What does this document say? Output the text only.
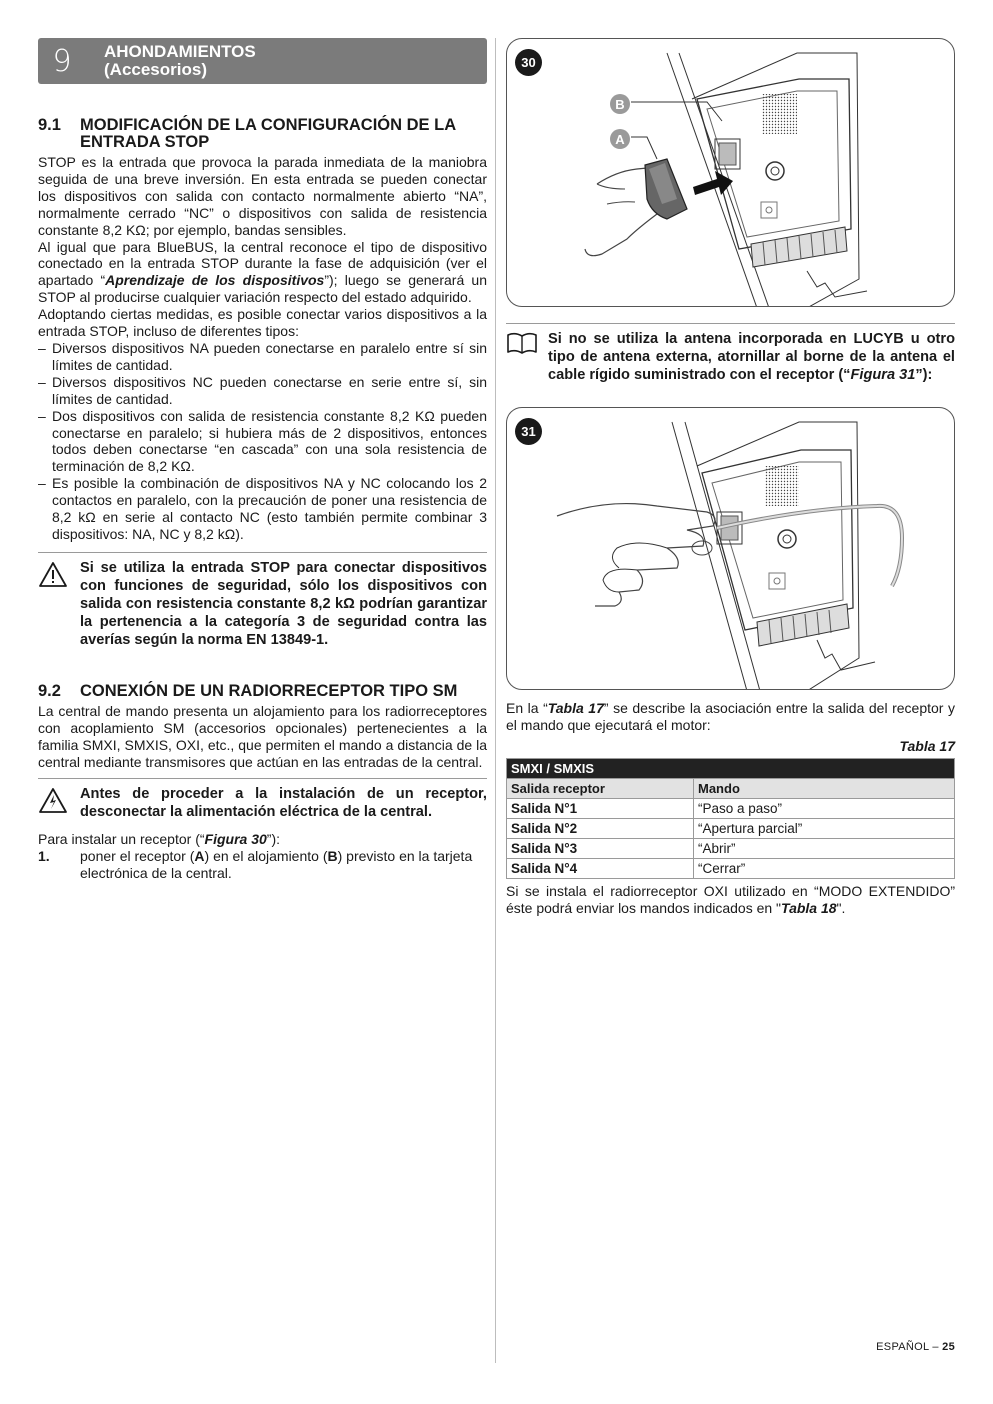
9	AHONDAMIENTOS
(Accesorios)
9.1	MODIFICACIÓN DE LA CONFIGURACIÓN DE LA ENTRADA STOP

STOP es la entrada que provoca la parada inmediata de la maniobra seguida de una breve inversión. En esta entrada se pueden conectar los dispositivos con salida con contacto normalmente abierto “NA”, normalmente cerrado “NC” o dispositivos con salida de resistencia constante 8,2 KΩ; por ejemplo, bandas sensibles.

Al igual que para BlueBUS, la central reconoce el tipo de dispositivo conectado en la entrada STOP durante la fase de adquisición (ver el apartado “Aprendizaje de los dispositivos”); luego se generará un STOP al producirse cualquier variación respecto del estado adquirido.

Adoptando ciertas medidas, es posible conectar varios dispositivos a la entrada STOP, incluso de diferentes tipos:

– Diversos dispositivos NA pueden conectarse en paralelo entre sí sin límites de cantidad.
– Diversos dispositivos NC pueden conectarse en serie entre sí, sin límites de cantidad.
– Dos dispositivos con salida de resistencia constante 8,2 KΩ pueden conectarse en paralelo; si hubiera más de 2 dispositivos, entonces todos deben conectarse “en cascada” con una sola resistencia de terminación de 8,2 KΩ.
– Es posible la combinación de dispositivos NA y NC colocando los 2 contactos en paralelo, con la precaución de poner una resistencia de 8,2 kΩ en serie al contacto NC (esto también permite combinar 3 dispositivos: NA, NC y 8,2 kΩ).
Si se utiliza la entrada STOP para conectar dispositivos con funciones de seguridad, sólo los dispositivos con salida con resistencia constante 8,2 kΩ podrían garantizar la pertenencia a la categoría 3 de seguridad contra las averías según la norma EN 13849-1.
9.2	CONEXIÓN DE UN RADIORRECEPTOR TIPO SM

La central de mando presenta un alojamiento para los radiorreceptores con acoplamiento SM (accesorios opcionales) pertenecientes a la familia SMXI, SMXIS, OXI, etc., que permiten el mando a distancia de la central mediante transmisores que actúan en las entradas de la central.

Antes de proceder a la instalación de un receptor, desconectar la alimentación eléctrica de la central.

Para instalar un receptor (“Figura 30”):

1.	poner el receptor (A) en el alojamiento (B) previsto en la tarjeta electrónica de la central.
30
B
A
Si no se utiliza la antena incorporada en LUCYB u otro tipo de antena externa, atornillar al borne de la antena el cable rígido suministrado con el receptor (“Figura 31”):
31

En la “Tabla 17” se describe la asociación entre la salida del receptor y el mando que ejecutará el motor:

Tabla 17
SMXI / SMXIS	
Salida receptor	Mando
Salida N°1	“Paso a paso”
Salida N°2	“Apertura parcial”
Salida N°3	“Abrir”
Salida N°4	“Cerrar”

Si se instala el radiorreceptor OXI utilizado en “MODO EXTENDIDO” éste podrá enviar los mandos indicados en "Tabla 18".

ESPAÑOL – 25
